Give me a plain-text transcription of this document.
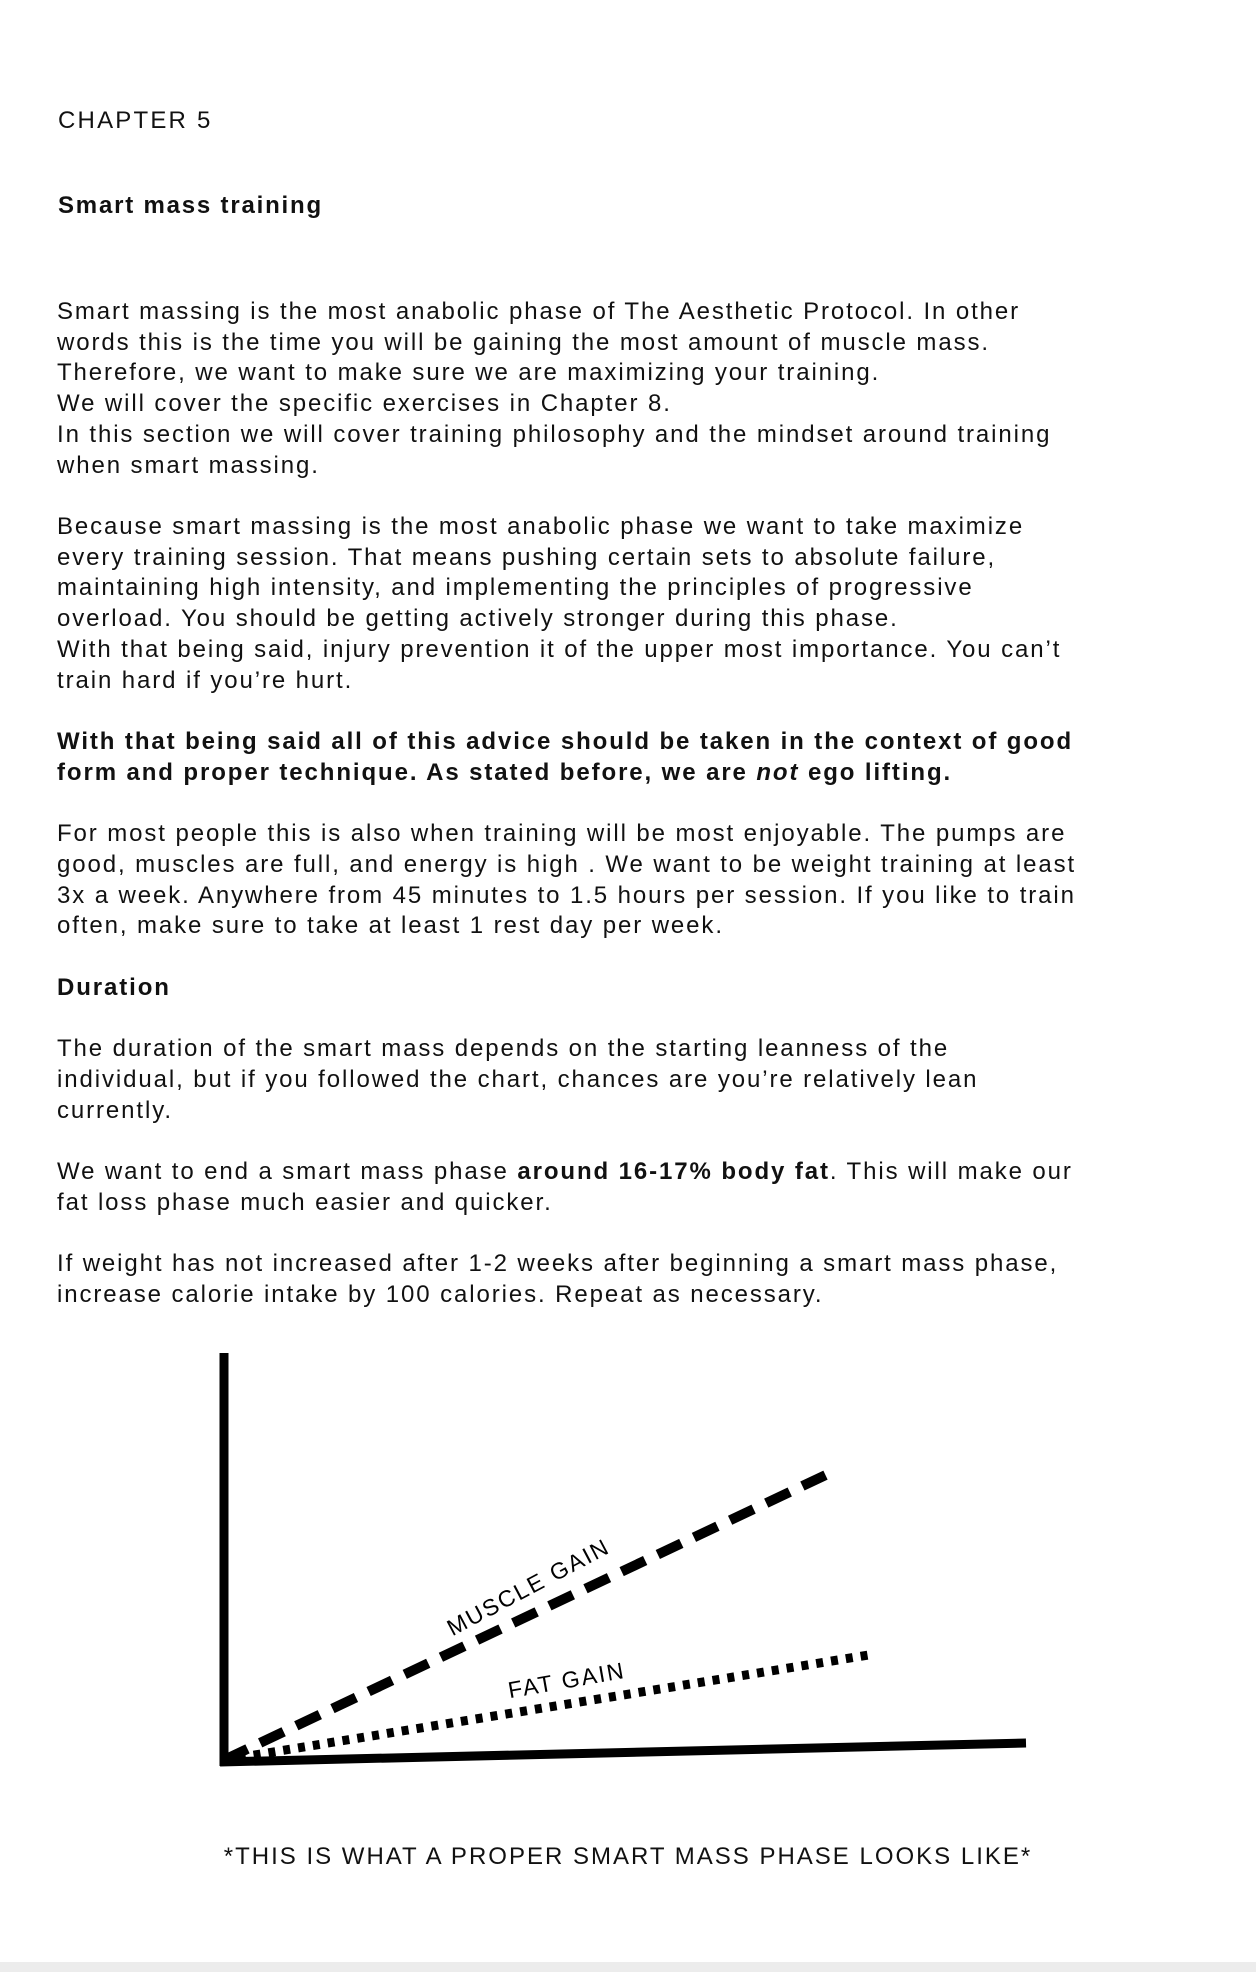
CHAPTER 5
Smart mass training
Smart massing is the most anabolic phase of The Aesthetic Protocol. In other
words this is the time you will be gaining the most amount of muscle mass.
Therefore, we want to make sure we are maximizing your training.
We will cover the specific exercises in Chapter 8.
In this section we will cover training philosophy and the mindset around training
when smart massing.
Because smart massing is the most anabolic phase we want to take maximize
every training session. That means pushing certain sets to absolute failure,
maintaining high intensity, and implementing the principles of progressive
overload. You should be getting actively stronger during this phase.
With that being said, injury prevention it of the upper most importance. You can’t
train hard if you’re hurt.
With that being said all of this advice should be taken in the context of good
form and proper technique. As stated before, we are not ego lifting.
For most people this is also when training will be most enjoyable. The pumps are
good, muscles are full, and energy is high . We want to be weight training at least
3x a week. Anywhere from 45 minutes to 1.5 hours per session. If you like to train
often, make sure to take at least 1 rest day per week.
Duration
The duration of the smart mass depends on the starting leanness of the
individual, but if you followed the chart, chances are you’re relatively lean
currently.
We want to end a smart mass phase around 16-17% body fat. This will make our
fat loss phase much easier and quicker.
If weight has not increased after 1-2 weeks after beginning a smart mass phase,
increase calorie intake by 100 calories. Repeat as necessary.
MUSCLE GAIN
FAT GAIN
*THIS IS WHAT A PROPER SMART MASS PHASE LOOKS LIKE*
